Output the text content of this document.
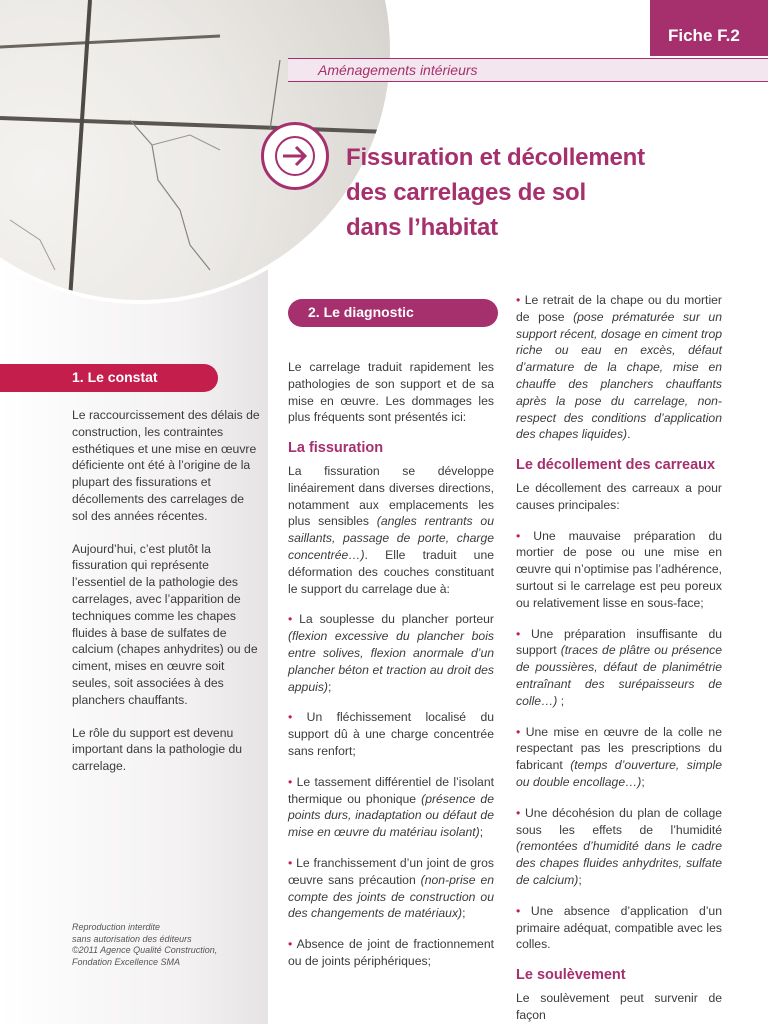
Fiche F.2
Aménagements intérieurs
Fissuration et décollement
des carrelages de sol
dans l’habitat
1. Le constat
2. Le diagnostic

Le raccourcissement des délais de construction, les contraintes esthétiques et une mise en œuvre déficiente ont été à l’origine de la plupart des fissurations et décollements des carrelages de sol des années récentes.

Aujourd’hui, c’est plutôt la fissuration qui représente l’essentiel de la pathologie des carrelages, avec l’apparition de techniques comme les chapes fluides à base de sulfates de calcium (chapes anhydrites) ou de ciment, mises en œuvre soit seules, soit associées à des planchers chauffants.

Le rôle du support est devenu important dans la pathologie du carrelage.

Le carrelage traduit rapidement les pathologies de son support et de sa mise en œuvre. Les dommages les plus fréquents sont présentés ici:

La fissuration

La fissuration se développe linéairement dans diverses directions, notamment aux emplacements les plus sensibles (angles rentrants ou saillants, passage de porte, charge concentrée…). Elle traduit une déformation des couches constituant le support du carrelage due à:

• La souplesse du plancher porteur (flexion excessive du plancher bois entre solives, flexion anormale d’un plancher béton et traction au droit des appuis);

• Un fléchissement localisé du support dû à une charge concentrée sans renfort;

• Le tassement différentiel de l’isolant thermique ou phonique (présence de points durs, inadaptation ou défaut de mise en œuvre du matériau isolant);

• Le franchissement d’un joint de gros œuvre sans précaution (non-prise en compte des joints de construction ou des changements de matériaux);

• Absence de joint de fractionnement ou de joints périphériques;

• Le retrait de la chape ou du mortier de pose (pose prématurée sur un support récent, dosage en ciment trop riche ou eau en excès, défaut d’armature de la chape, mise en chauffe des planchers chauffants après la pose du carrelage, non-respect des conditions d’application des chapes liquides).

Le décollement des carreaux

Le décollement des carreaux a pour causes principales:

• Une mauvaise préparation du mortier de pose ou une mise en œuvre qui n’optimise pas l’adhérence, surtout si le carrelage est peu poreux ou relativement lisse en sous-face;

• Une préparation insuffisante du support (traces de plâtre ou présence de poussières, défaut de planimétrie entraînant des surépaisseurs de colle…) ;

• Une mise en œuvre de la colle ne respectant pas les prescriptions du fabricant (temps d’ouverture, simple ou double encollage…);

• Une décohésion du plan de collage sous les effets de l’humidité (remontées d’humidité dans le cadre des chapes fluides anhydrites, sulfate de calcium);

• Une absence d’application d’un primaire adéquat, compatible avec les colles.

Le soulèvement

Le soulèvement peut survenir de façon

Reproduction interdite
sans autorisation des éditeurs
©2011 Agence Qualité Construction,
Fondation Excellence SMA
